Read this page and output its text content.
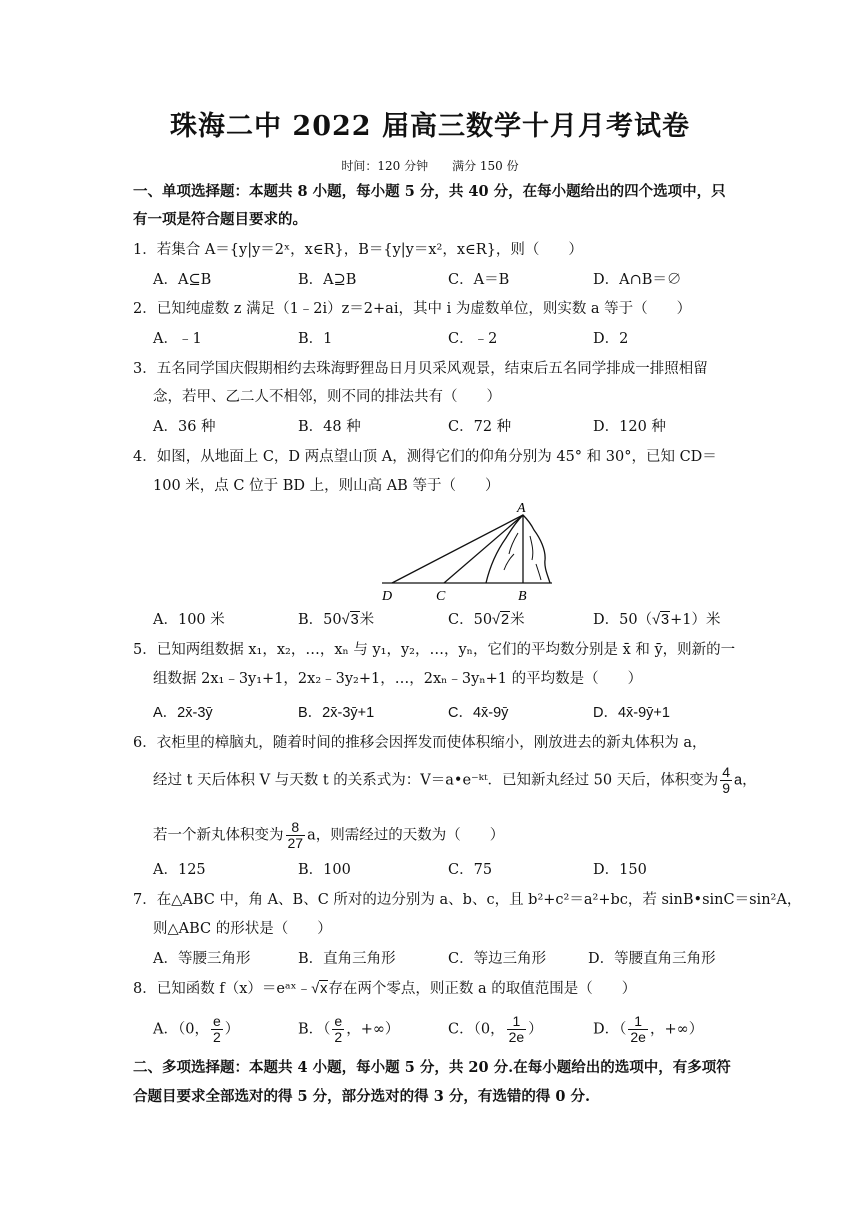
珠海二中 2022 届高三数学十月月考试卷
时间：120 分钟　　满分 150 份
一、单项选择题：本题共 8 小题，每小题 5 分，共 40 分，在每小题给出的四个选项中，只
有一项是符合题目要求的。
1．若集合 A＝{y|y＝2ˣ，x∈R}，B＝{y|y＝x²，x∈R}，则（　　）
A．A⊆B	B．A⊇B	C．A＝B	D．A∩B＝∅
2．已知纯虚数 z 满足（1﹣2i）z＝2+ai，其中 i 为虚数单位，则实数 a 等于（　　）
A．﹣1	B．1	C．﹣2	D．2
3．五名同学国庆假期相约去珠海野狸岛日月贝采风观景，结束后五名同学排成一排照相留
念，若甲、乙二人不相邻，则不同的排法共有（　　）
A．36 种	B．48 种	C．72 种	D．120 种
4．如图，从地面上 C，D 两点望山顶 A，测得它们的仰角分别为 45° 和 30°，已知 CD＝
100 米，点 C 位于 BD 上，则山高 AB 等于（　　）
A
B
C
D
A．100 米	B．50√3米	C．50√2米	D．50（√3+1）米
5．已知两组数据 x₁，x₂，…，xₙ 与 y₁，y₂，…，yₙ，它们的平均数分别是 x̄ 和 ȳ，则新的一
组数据 2x₁﹣3y₁+1，2x₂﹣3y₂+1，…，2xₙ﹣3yₙ+1 的平均数是（　　）
A．2x̄-3ȳ	B．2x̄-3ȳ+1	C．4x̄-9ȳ	D．4x̄-9ȳ+1
6．衣柜里的樟脑丸，随着时间的推移会因挥发而使体积缩小，刚放进去的新丸体积为 a，
经过 t 天后体积 V 与天数 t 的关系式为：V＝a•e⁻ᵏᵗ．已知新丸经过 50 天后，体积变为 $\frac{4}{9}$ a，
若一个新丸体积变为 $\frac{8}{27}$ a，则需经过的天数为（　　）
A．125	B．100	C．75	D．150
7．在△ABC 中，角 A、B、C 所对的边分别为 a、b、c，且 b²+c²＝a²+bc，若 sinB•sinC＝sin²A，
则△ABC 的形状是（　　）
A．等腰三角形	B．直角三角形	C．等边三角形	D．等腰直角三角形
8．已知函数 f（x）＝eᵃˣ﹣√x存在两个零点，则正数 a 的取值范围是（　　）
A．（0， $\frac{e}{2}$ ）	B．（ $\frac{e}{2}$ ，+∞）	C．（0， $\frac{1}{2e}$ ）	D．（ $\frac{1}{2e}$ ，+∞）
二、多项选择题：本题共 4 小题，每小题 5 分，共 20 分.在每小题给出的选项中，有多项符
合题目要求全部选对的得 5 分，部分选对的得 3 分，有选错的得 0 分.
